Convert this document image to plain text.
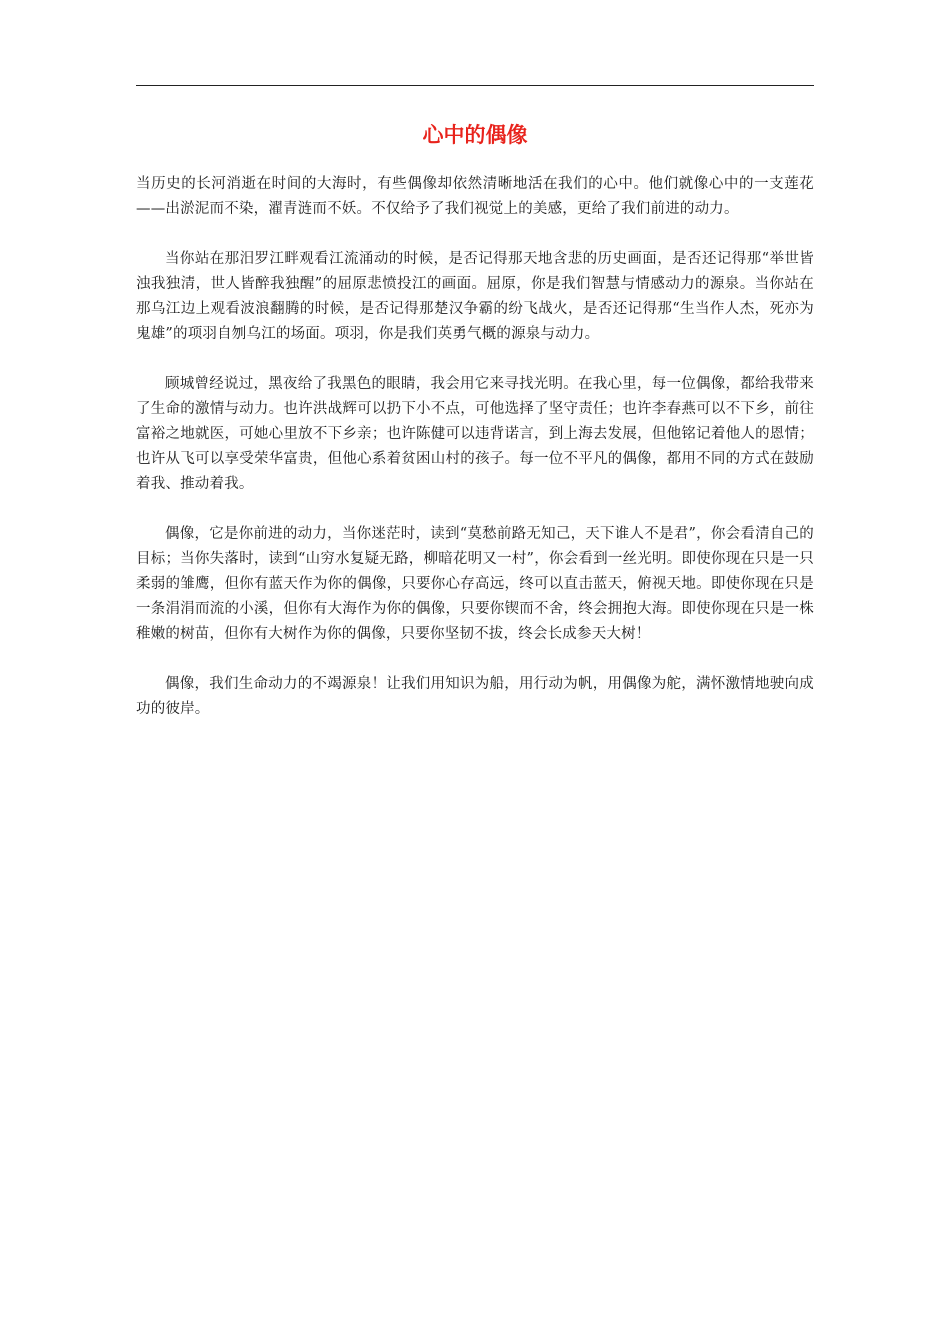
心中的偶像

当历史的长河消逝在时间的大海时，有些偶像却依然清晰地活在我们的心中。他们就像心中的一支莲花——出淤泥而不染，濯青涟而不妖。不仅给予了我们视觉上的美感，更给了我们前进的动力。

当你站在那汨罗江畔观看江流涌动的时候，是否记得那天地含悲的历史画面，是否还记得那“举世皆浊我独清，世人皆醉我独醒”的屈原悲愤投江的画面。屈原，你是我们智慧与情感动力的源泉。当你站在那乌江边上观看波浪翻腾的时候，是否记得那楚汉争霸的纷飞战火，是否还记得那“生当作人杰，死亦为鬼雄”的项羽自刎乌江的场面。项羽，你是我们英勇气概的源泉与动力。

顾城曾经说过，黑夜给了我黑色的眼睛，我会用它来寻找光明。在我心里，每一位偶像，都给我带来了生命的激情与动力。也许洪战辉可以扔下小不点，可他选择了坚守责任；也许李春燕可以不下乡，前往富裕之地就医，可她心里放不下乡亲；也许陈健可以违背诺言，到上海去发展，但他铭记着他人的恩情；也许从飞可以享受荣华富贵，但他心系着贫困山村的孩子。每一位不平凡的偶像，都用不同的方式在鼓励着我、推动着我。

偶像，它是你前进的动力，当你迷茫时，读到“莫愁前路无知己，天下谁人不是君”，你会看清自己的目标；当你失落时，读到“山穷水复疑无路，柳暗花明又一村”，你会看到一丝光明。即使你现在只是一只柔弱的雏鹰，但你有蓝天作为你的偶像，只要你心存高远，终可以直击蓝天，俯视天地。即使你现在只是一条涓涓而流的小溪，但你有大海作为你的偶像，只要你锲而不舍，终会拥抱大海。即使你现在只是一株稚嫩的树苗，但你有大树作为你的偶像，只要你坚韧不拔，终会长成参天大树！

偶像，我们生命动力的不竭源泉！让我们用知识为船，用行动为帆，用偶像为舵，满怀激情地驶向成功的彼岸。
